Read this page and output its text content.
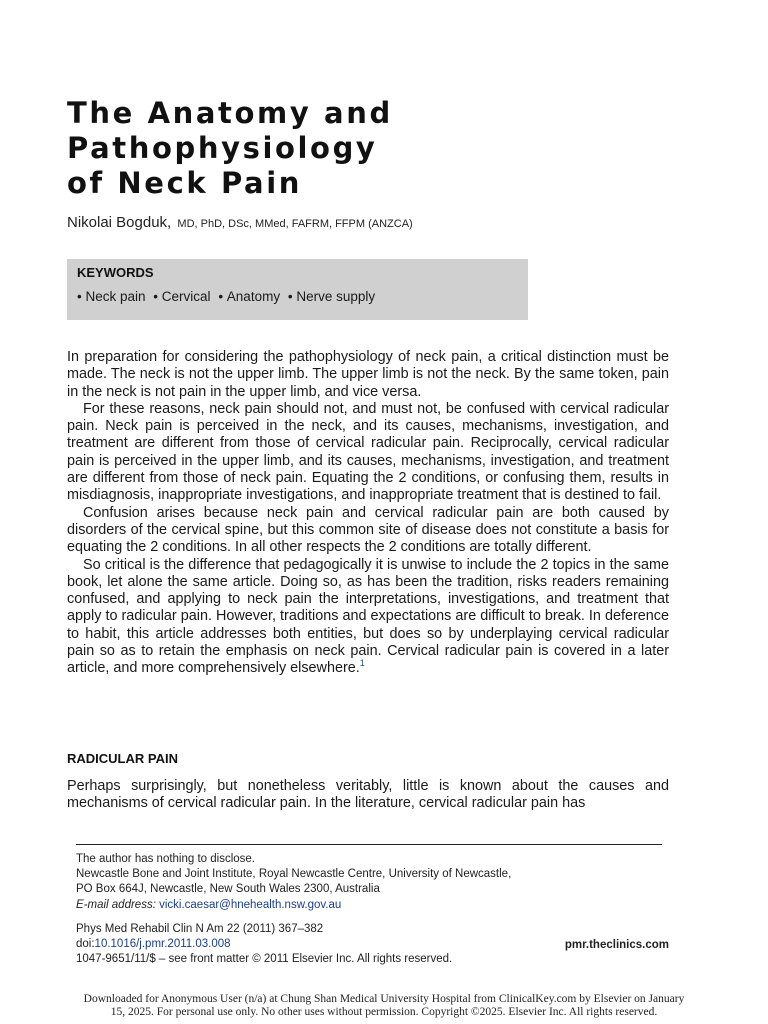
The Anatomy and
Pathophysiology
of Neck Pain
Nikolai Bogduk, MD, PhD, DSc, MMed, FAFRM, FFPM (ANZCA)
KEYWORDS
• Neck pain • Cervical • Anatomy • Nerve supply

In preparation for considering the pathophysiology of neck pain, a critical distinction must be made. The neck is not the upper limb. The upper limb is not the neck. By the same token, pain in the neck is not pain in the upper limb, and vice versa.

For these reasons, neck pain should not, and must not, be confused with cervical radicular pain. Neck pain is perceived in the neck, and its causes, mechanisms, investigation, and treatment are different from those of cervical radicular pain. Reciprocally, cervical radicular pain is perceived in the upper limb, and its causes, mechanisms, investigation, and treatment are different from those of neck pain. Equating the 2 conditions, or confusing them, results in misdiagnosis, inappropriate investigations, and inappropriate treatment that is destined to fail.

Confusion arises because neck pain and cervical radicular pain are both caused by disorders of the cervical spine, but this common site of disease does not constitute a basis for equating the 2 conditions. In all other respects the 2 conditions are totally different.

So critical is the difference that pedagogically it is unwise to include the 2 topics in the same book, let alone the same article. Doing so, as has been the tradition, risks readers remaining confused, and applying to neck pain the interpretations, investigations, and treatment that apply to radicular pain. However, traditions and expectations are difficult to break. In deference to habit, this article addresses both entities, but does so by underplaying cervical radicular pain so as to retain the emphasis on neck pain. Cervical radicular pain is covered in a later article, and more comprehensively elsewhere.$^1$

RADICULAR PAIN

Perhaps surprisingly, but nonetheless veritably, little is known about the causes and mechanisms of cervical radicular pain. In the literature, cervical radicular pain has

The author has nothing to disclose.

Newcastle Bone and Joint Institute, Royal Newcastle Centre, University of Newcastle,

PO Box 664J, Newcastle, New South Wales 2300, Australia

E-mail address: vicki.caesar@hnehealth.nsw.gov.au

Phys Med Rehabil Clin N Am 22 (2011) 367–382

doi:10.1016/j.pmr.2011.03.008

1047-9651/11/$ – see front matter © 2011 Elsevier Inc. All rights reserved.

pmr.theclinics.com
Downloaded for Anonymous User (n/a) at Chung Shan Medical University Hospital from ClinicalKey.com by Elsevier on January
15, 2025. For personal use only. No other uses without permission. Copyright ©2025. Elsevier Inc. All rights reserved.
